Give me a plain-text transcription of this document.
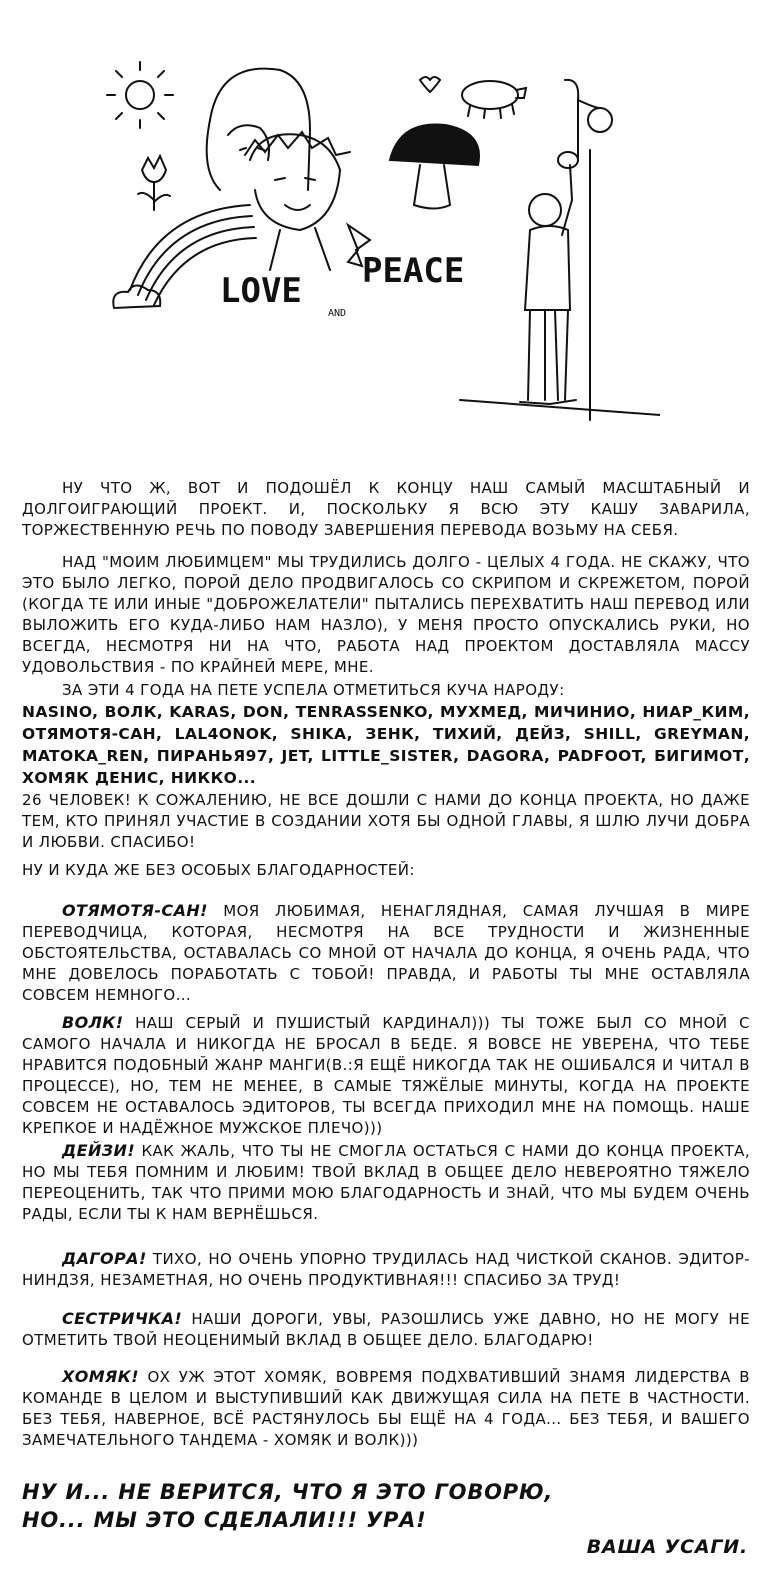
LOVE
AND
PEACE

НУ ЧТО Ж, ВОТ И ПОДОШЁЛ К КОНЦУ НАШ САМЫЙ МАСШТАБНЫЙ И ДОЛГОИГРАЮЩИЙ ПРОЕКТ. И, ПОСКОЛЬКУ Я ВСЮ ЭТУ КАШУ ЗАВАРИЛА, ТОРЖЕСТВЕННУЮ РЕЧЬ ПО ПОВОДУ ЗАВЕРШЕНИЯ ПЕРЕВОДА ВОЗЬМУ НА СЕБЯ.

НАД "МОИМ ЛЮБИМЦЕМ" МЫ ТРУДИЛИСЬ ДОЛГО - ЦЕЛЫХ 4 ГОДА. НЕ СКАЖУ, ЧТО ЭТО БЫЛО ЛЕГКО, ПОРОЙ ДЕЛО ПРОДВИГАЛОСЬ СО СКРИПОМ И СКРЕЖЕТОМ, ПОРОЙ (КОГДА ТЕ ИЛИ ИНЫЕ "ДОБРОЖЕЛАТЕЛИ" ПЫТАЛИСЬ ПЕРЕХВАТИТЬ НАШ ПЕРЕВОД ИЛИ ВЫЛОЖИТЬ ЕГО КУДА-ЛИБО НАМ НАЗЛО), У МЕНЯ ПРОСТО ОПУСКАЛИСЬ РУКИ, НО ВСЕГДА, НЕСМОТРЯ НИ НА ЧТО, РАБОТА НАД ПРОЕКТОМ ДОСТАВЛЯЛА МАССУ УДОВОЛЬСТВИЯ - ПО КРАЙНЕЙ МЕРЕ, МНЕ.

ЗА ЭТИ 4 ГОДА НА ПЕТЕ УСПЕЛА ОТМЕТИТЬСЯ КУЧА НАРОДУ:

NASINO, ВОЛК, KARAS, DON, TENRASSENKO, МУХМЕД, МИЧИНИО, НИАР_КИМ, ОТЯМОТЯ-САН, LAL4ONOK, SHIKA, ЗЕНК, ТИХИЙ, ДЕЙЗ, SHILL, GREYMAN, MATOKA_REN, ПИРАНЬЯ97, JET, LITTLE_SISTER, DAGORA, PADFOOT, БИГИМОТ, ХОМЯК ДЕНИС, НИККО...

26 ЧЕЛОВЕК! К СОЖАЛЕНИЮ, НЕ ВСЕ ДОШЛИ С НАМИ ДО КОНЦА ПРОЕКТА, НО ДАЖЕ ТЕМ, КТО ПРИНЯЛ УЧАСТИЕ В СОЗДАНИИ ХОТЯ БЫ ОДНОЙ ГЛАВЫ, Я ШЛЮ ЛУЧИ ДОБРА И ЛЮБВИ. СПАСИБО!

НУ И КУДА ЖЕ БЕЗ ОСОБЫХ БЛАГОДАРНОСТЕЙ:

ОТЯМОТЯ-САН! МОЯ ЛЮБИМАЯ, НЕНАГЛЯДНАЯ, САМАЯ ЛУЧШАЯ В МИРЕ ПЕРЕВОДЧИЦА, КОТОРАЯ, НЕСМОТРЯ НА ВСЕ ТРУДНОСТИ И ЖИЗНЕННЫЕ ОБСТОЯТЕЛЬСТВА, ОСТАВАЛАСЬ СО МНОЙ ОТ НАЧАЛА ДО КОНЦА, Я ОЧЕНЬ РАДА, ЧТО МНЕ ДОВЕЛОСЬ ПОРАБОТАТЬ С ТОБОЙ! ПРАВДА, И РАБОТЫ ТЫ МНЕ ОСТАВЛЯЛА СОВСЕМ НЕМНОГО...

ВОЛК! НАШ СЕРЫЙ И ПУШИСТЫЙ КАРДИНАЛ))) ТЫ ТОЖЕ БЫЛ СО МНОЙ С САМОГО НАЧАЛА И НИКОГДА НЕ БРОСАЛ В БЕДЕ. Я ВОВСЕ НЕ УВЕРЕНА, ЧТО ТЕБЕ НРАВИТСЯ ПОДОБНЫЙ ЖАНР МАНГИ(В.:Я ЕЩЁ НИКОГДА ТАК НЕ ОШИБАЛСЯ И ЧИТАЛ В ПРОЦЕССЕ), НО, ТЕМ НЕ МЕНЕЕ, В САМЫЕ ТЯЖЁЛЫЕ МИНУТЫ, КОГДА НА ПРОЕКТЕ СОВСЕМ НЕ ОСТАВАЛОСЬ ЭДИТОРОВ, ТЫ ВСЕГДА ПРИХОДИЛ МНЕ НА ПОМОЩЬ. НАШЕ КРЕПКОЕ И НАДЁЖНОЕ МУЖСКОЕ ПЛЕЧО)))

ДЕЙЗИ! КАК ЖАЛЬ, ЧТО ТЫ НЕ СМОГЛА ОСТАТЬСЯ С НАМИ ДО КОНЦА ПРОЕКТА, НО МЫ ТЕБЯ ПОМНИМ И ЛЮБИМ! ТВОЙ ВКЛАД В ОБЩЕЕ ДЕЛО НЕВЕРОЯТНО ТЯЖЕЛО ПЕРЕОЦЕНИТЬ, ТАК ЧТО ПРИМИ МОЮ БЛАГОДАРНОСТЬ И ЗНАЙ, ЧТО МЫ БУДЕМ ОЧЕНЬ РАДЫ, ЕСЛИ ТЫ К НАМ ВЕРНЁШЬСЯ.

ДАГОРА! ТИХО, НО ОЧЕНЬ УПОРНО ТРУДИЛАСЬ НАД ЧИСТКОЙ СКАНОВ. ЭДИТОР-НИНДЗЯ, НЕЗАМЕТНАЯ, НО ОЧЕНЬ ПРОДУКТИВНАЯ!!! СПАСИБО ЗА ТРУД!

СЕСТРИЧКА! НАШИ ДОРОГИ, УВЫ, РАЗОШЛИСЬ УЖЕ ДАВНО, НО НЕ МОГУ НЕ ОТМЕТИТЬ ТВОЙ НЕОЦЕНИМЫЙ ВКЛАД В ОБЩЕЕ ДЕЛО. БЛАГОДАРЮ!

ХОМЯК! ОХ УЖ ЭТОТ ХОМЯК, ВОВРЕМЯ ПОДХВАТИВШИЙ ЗНАМЯ ЛИДЕРСТВА В КОМАНДЕ В ЦЕЛОМ И ВЫСТУПИВШИЙ КАК ДВИЖУЩАЯ СИЛА НА ПЕТЕ В ЧАСТНОСТИ. БЕЗ ТЕБЯ, НАВЕРНОЕ, ВСЁ РАСТЯНУЛОСЬ БЫ ЕЩЁ НА 4 ГОДА... БЕЗ ТЕБЯ, И ВАШЕГО ЗАМЕЧАТЕЛЬНОГО ТАНДЕМА - ХОМЯК И ВОЛК)))

НУ И... НЕ ВЕРИТСЯ, ЧТО Я ЭТО ГОВОРЮ,
НО... МЫ ЭТО СДЕЛАЛИ!!! УРА!
ВАША УСАГИ.
